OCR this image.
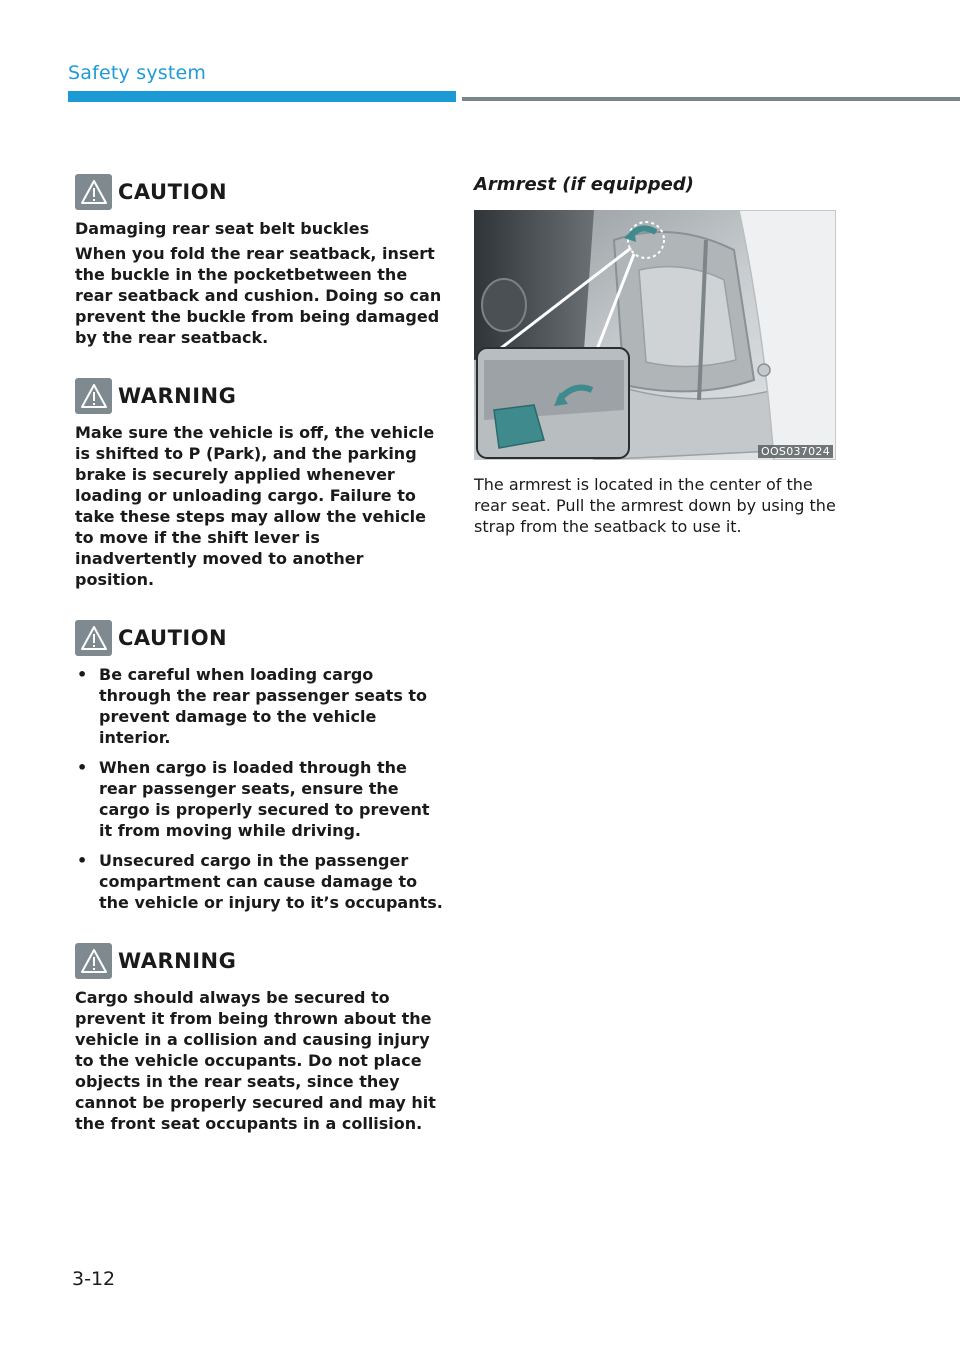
Safety system
CAUTION

Damaging rear seat belt buckles

When you fold the rear seatback, insert the buckle in the pocketbetween the rear seatback and cushion. Doing so can prevent the buckle from being damaged by the rear seatback.

WARNING

Make sure the vehicle is off, the vehicle is shifted to P (Park), and the parking brake is securely applied whenever loading or unloading cargo. Failure to take these steps may allow the vehicle to move if the shift lever is inadvertently moved to another position.

CAUTION
• Be careful when loading cargo through the rear passenger seats to prevent damage to the vehicle interior.
• When cargo is loaded through the rear passenger seats, ensure the cargo is properly secured to prevent it from moving while driving.
• Unsecured cargo in the passenger compartment can cause damage to the vehicle or injury to it’s occupants.
WARNING

Cargo should always be secured to prevent it from being thrown about the vehicle in a collision and causing injury to the vehicle occupants. Do not place objects in the rear seats, since they cannot be properly secured and may hit the front seat occupants in a collision.

Armrest (if equipped)
OOS037024

The armrest is located in the center of the rear seat. Pull the armrest down by using the strap from the seatback to use it.

3-12
